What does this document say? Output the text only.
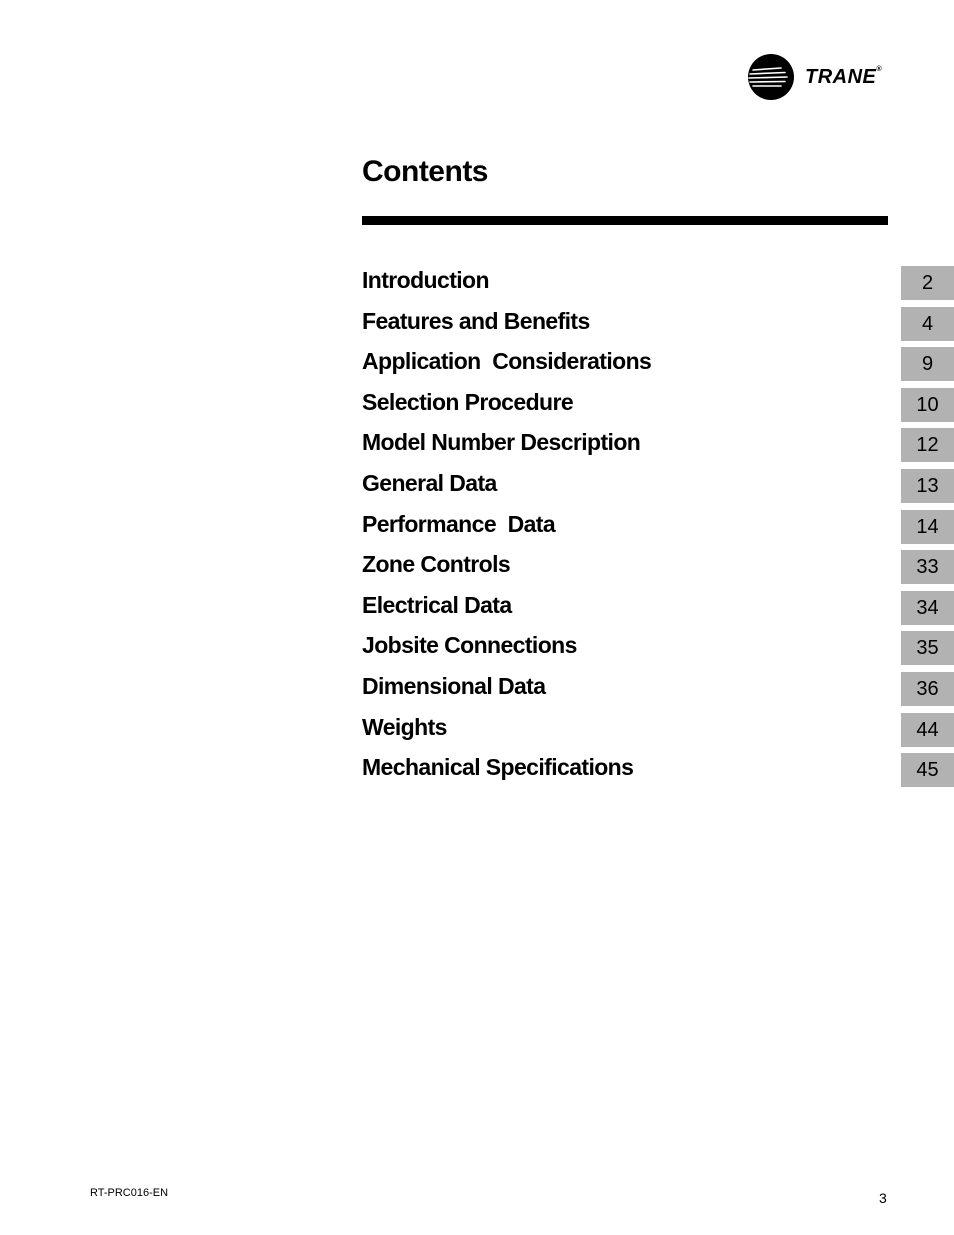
TRANE®
Contents
Introduction	2
Features and Benefits	4
Application  Considerations	9
Selection Procedure	10
Model Number Description	12
General Data	13
Performance  Data	14
Zone Controls	33
Electrical Data	34
Jobsite Connections	35
Dimensional Data	36
Weights	44
Mechanical Specifications	45
RT-PRC016-EN	3
